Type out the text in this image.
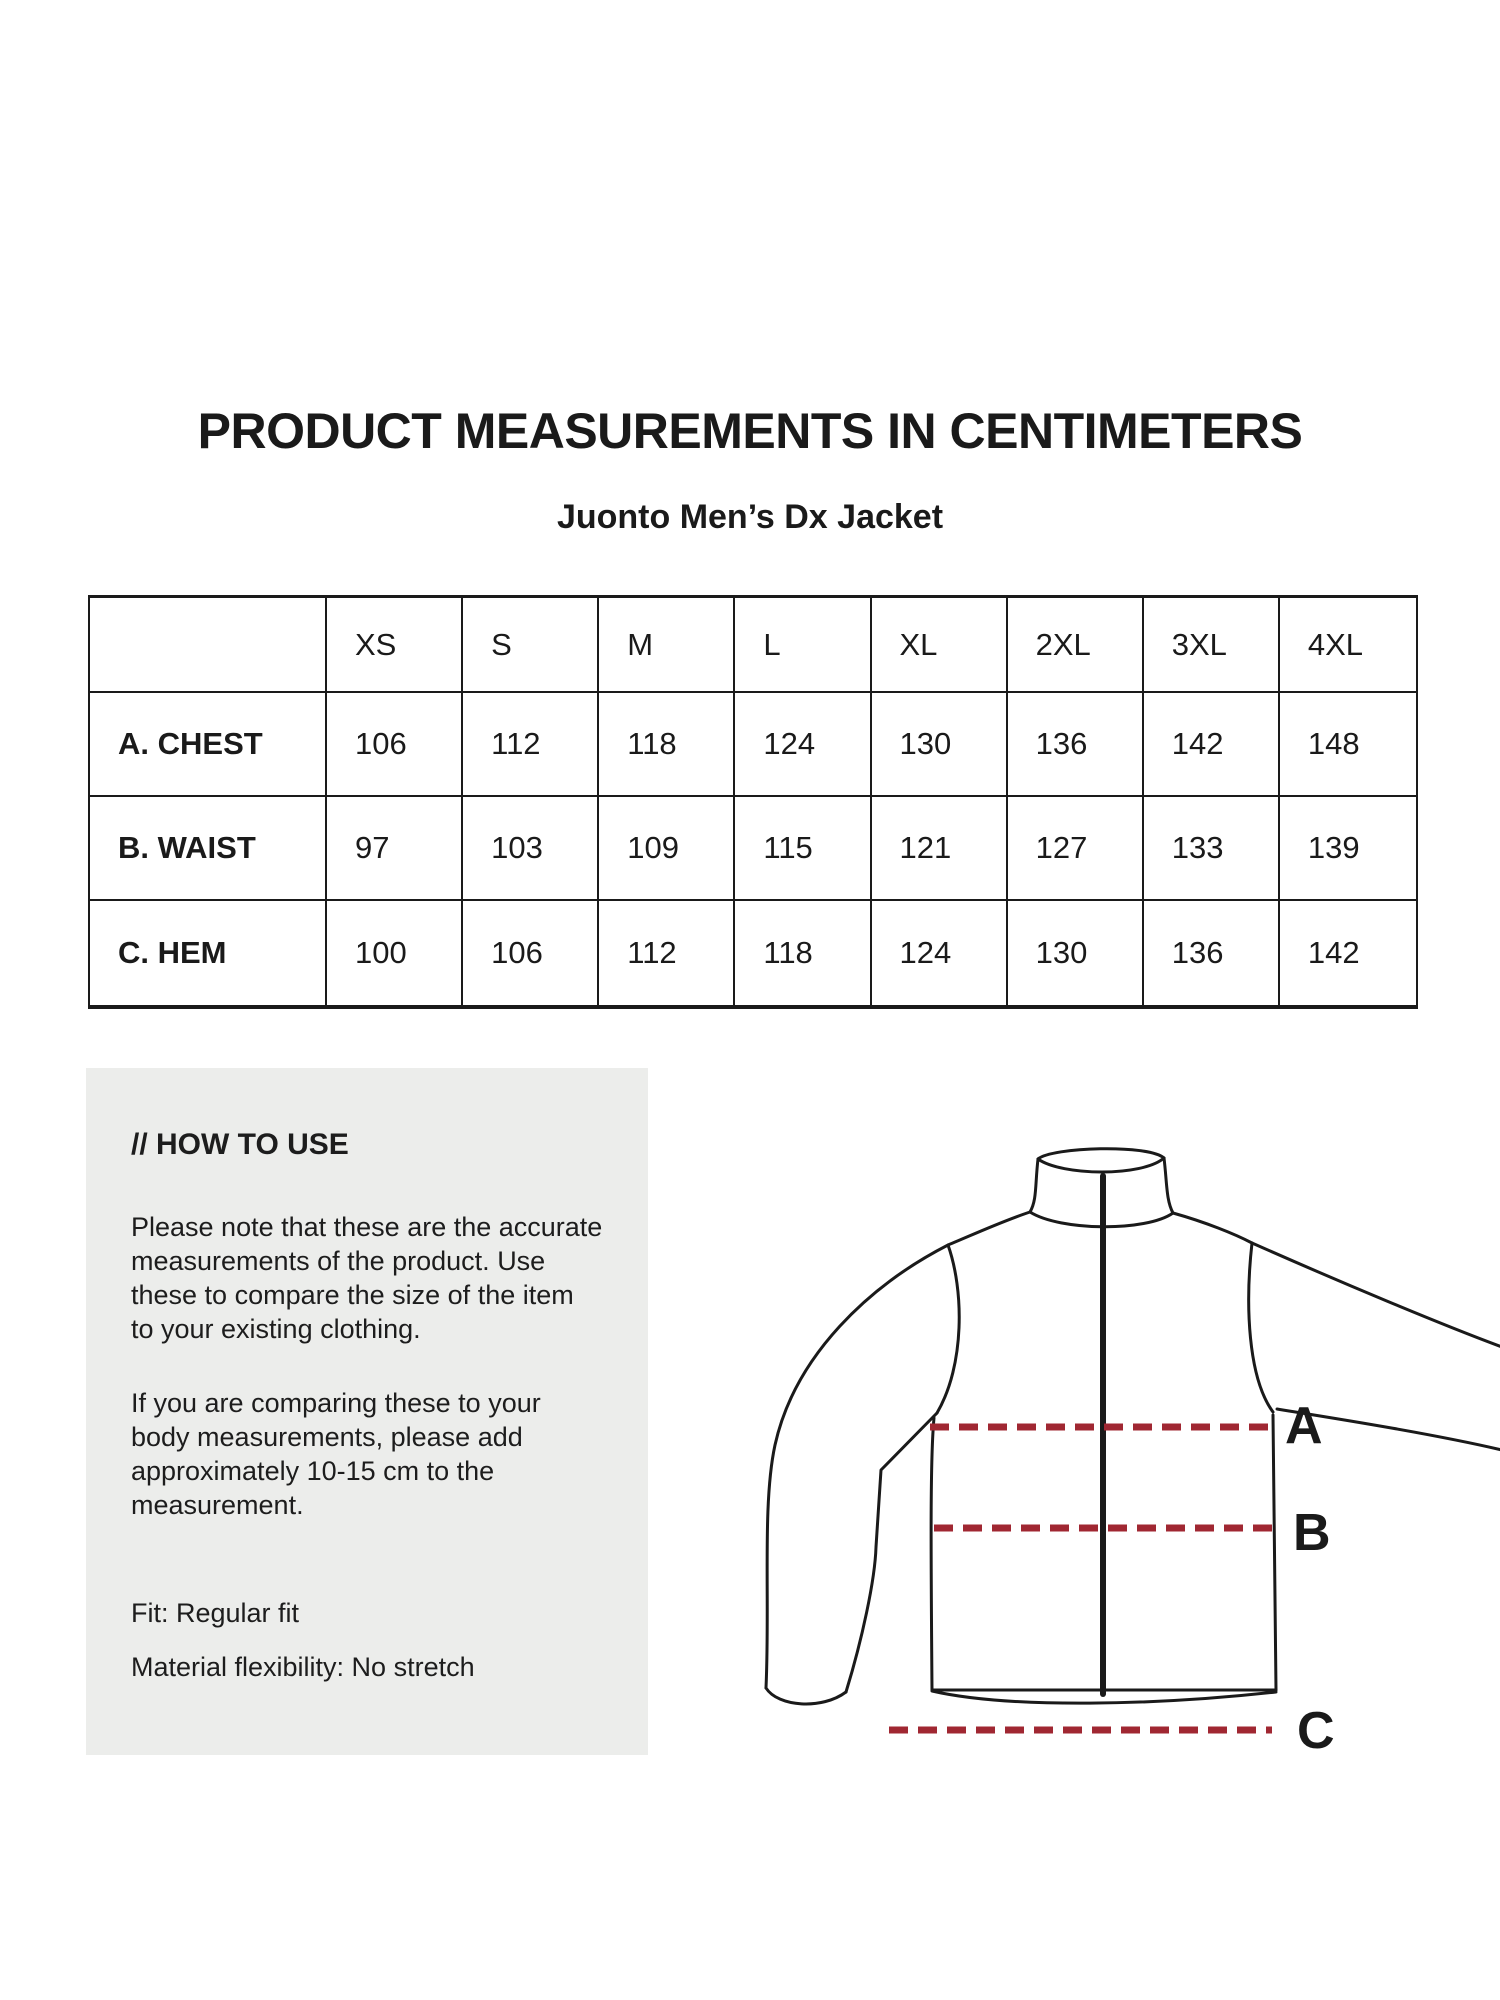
PRODUCT MEASUREMENTS IN CENTIMETERS
Juonto Men’s Dx Jacket
XS	S	M	L	XL	2XL	3XL	4XL
A. CHEST	106	112	118	124	130	136	142	148
B. WAIST	97	103	109	115	121	127	133	139
C. HEM	100	106	112	118	124	130	136	142
// HOW TO USE

Please note that these are the accurate measurements of the product. Use these to compare the size of the item to your existing clothing.

If you are comparing these to your body measurements, please add approximately 10-15 cm to the measurement.

Fit: Regular fit

Material flexibility: No stretch

A
B
C
